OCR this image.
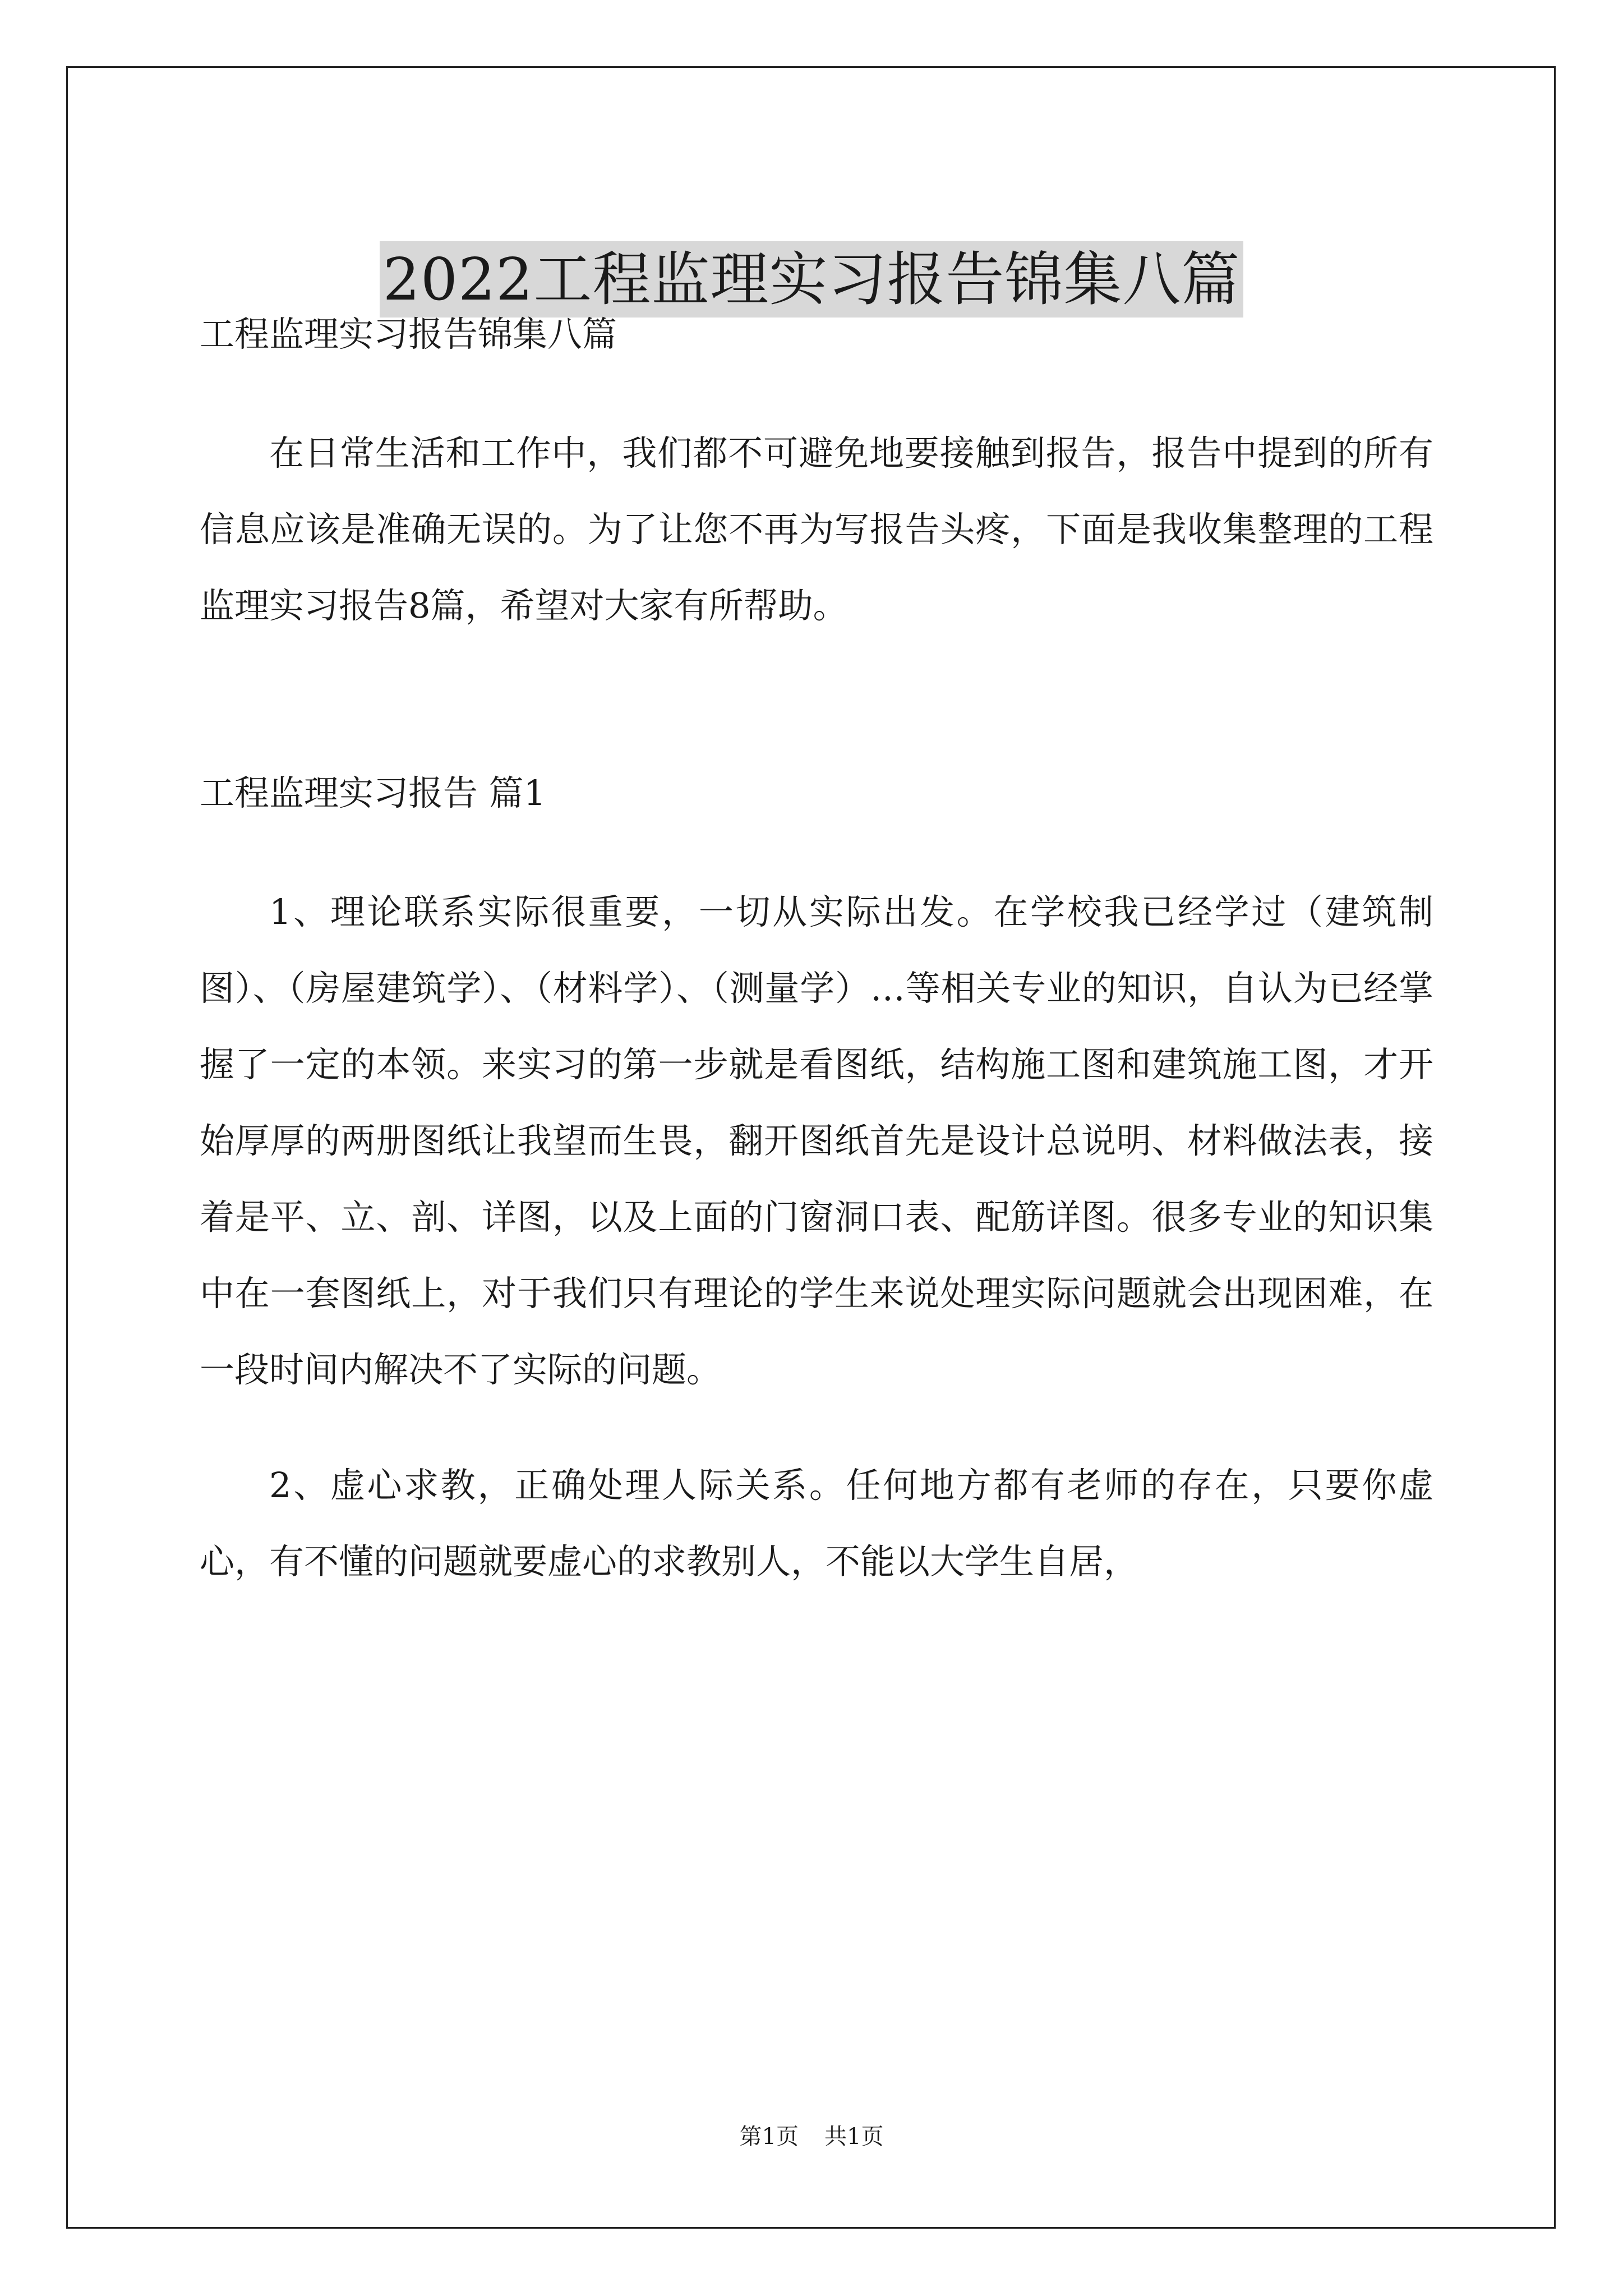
2022工程监理实习报告锦集八篇

工程监理实习报告锦集八篇

在日常生活和工作中，我们都不可避免地要接触到报告，报告中提到的所有信息应该是准确无误的。为了让您不再为写报告头疼，下面是我收集整理的工程监理实习报告8篇，希望对大家有所帮助。

工程监理实习报告 篇1

1、理论联系实际很重要，一切从实际出发。在学校我已经学过（建筑制图）、（房屋建筑学）、（材料学）、（测量学）…等相关专业的知识，自认为已经掌握了一定的本领。来实习的第一步就是看图纸，结构施工图和建筑施工图，才开始厚厚的两册图纸让我望而生畏，翻开图纸首先是设计总说明、材料做法表，接着是平、立、剖、详图，以及上面的门窗洞口表、配筋详图。很多专业的知识集中在一套图纸上，对于我们只有理论的学生来说处理实际问题就会出现困难，在一段时间内解决不了实际的问题。

2、虚心求教，正确处理人际关系。任何地方都有老师的存在，只要你虚心，有不懂的问题就要虚心的求教别人，不能以大学生自居，

第1页 共1页
